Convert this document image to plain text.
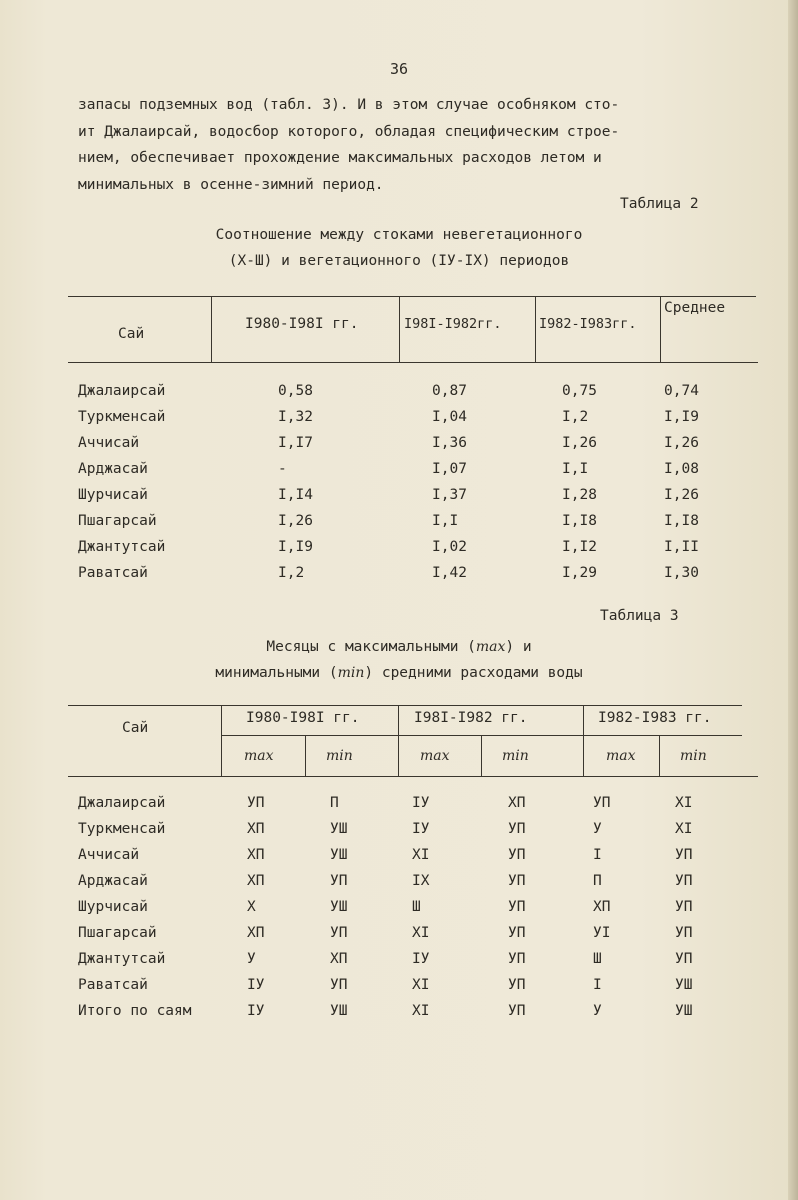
36
запасы подземных вод (табл. 3). И в этом случае особняком сто-
ит Джалаирсай, водосбор которого, обладая специфическим строе-
нием, обеспечивает прохождение максимальных расходов летом и
минимальных в осенне-зимний период.
Таблица 2
Соотношение между стоками невегетационного
(Х-Ш) и вегетационного (IУ-IX) периодов
Сай
I980-I98I гг.	I98I-I982гг.	I982-I983гг.
Среднее
Джалаирсай	0,58	0,87	0,75	0,74
Туркменсай	I,32	I,04	I,2	I,I9
Аччисай	I,I7	I,36	I,26	I,26
Арджасай	-	I,07	I,I	I,08
Шурчисай	I,I4	I,37	I,28	I,26
Пшагарсай	I,26	I,I	I,I8	I,I8
Джантутсай	I,I9	I,02	I,I2	I,II
Раватсай	I,2	I,42	I,29	I,30
Таблица 3
Месяцы с максимальными (max) и
минимальными (min) средними расходами воды
Сай
I980-I98I гг.	I98I-I982 гг.	I982-I983 гг.
max	min	max	min	max	min
Джалаирсай	УП	П	IУ	ХП	УП	XI
Туркменсай	ХП	УШ	IУ	УП	У	XI
Аччисай	ХП	УШ	XI	УП	I	УП
Арджасай	ХП	УП	IX	УП	П	УП
Шурчисай	X	УШ	Ш	УП	ХП	УП
Пшагарсай	ХП	УП	XI	УП	УI	УП
Джантутсай	У	ХП	IУ	УП	Ш	УП
Раватсай	IУ	УП	XI	УП	I	УШ
Итого по саям	IУ	УШ	XI	УП	У	УШ
